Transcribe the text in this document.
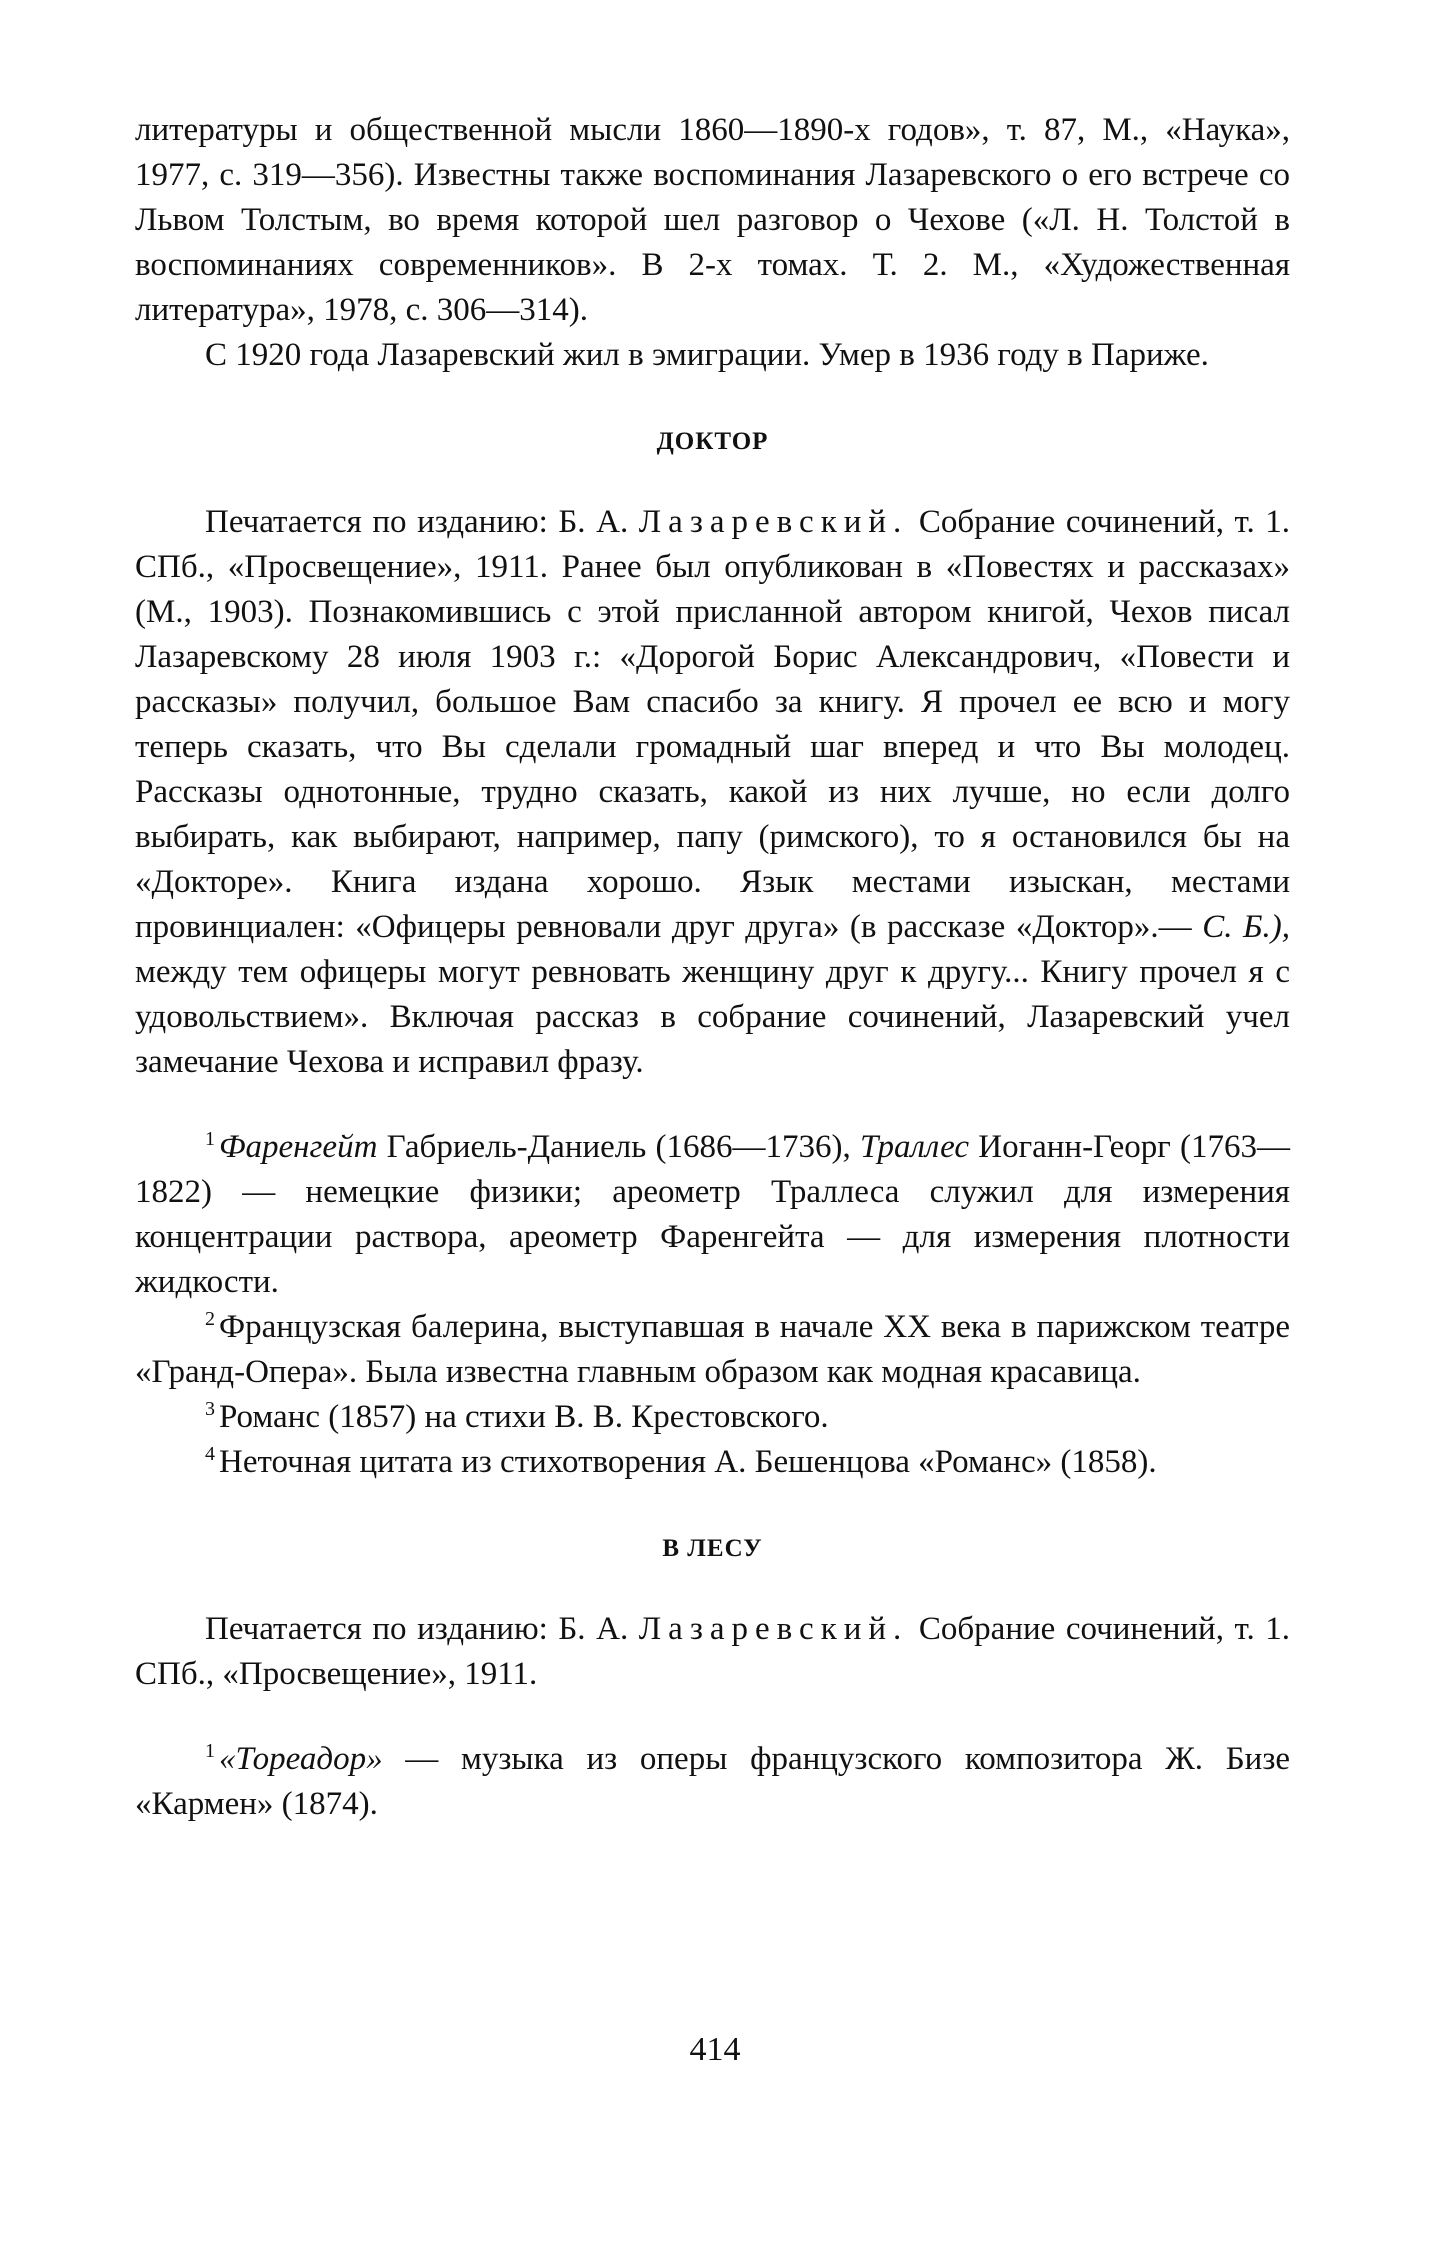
литературы и общественной мысли 1860—1890-х годов», т. 87, М., «Наука», 1977, с. 319—356). Известны также воспоминания Лазаревского о его встрече со Львом Толстым, во время которой шел разговор о Чехове («Л. Н. Толстой в воспоминаниях современников». В 2-х томах. Т. 2. М., «Художественная литература», 1978, с. 306—314).

С 1920 года Лазаревский жил в эмиграции. Умер в 1936 году в Париже.

ДОКТОР

Печатается по изданию: Б. А. Лазаревский. Собрание сочинений, т. 1. СПб., «Просвещение», 1911. Ранее был опубликован в «Повестях и рассказах» (М., 1903). Познакомившись с этой присланной автором книгой, Чехов писал Лазаревскому 28 июля 1903 г.: «Дорогой Борис Александрович, «Повести и рассказы» получил, большое Вам спасибо за книгу. Я прочел ее всю и могу теперь сказать, что Вы сделали громадный шаг вперед и что Вы молодец. Рассказы однотонные, трудно сказать, какой из них лучше, но если долго выбирать, как выбирают, например, папу (римского), то я остановился бы на «Докторе». Книга издана хорошо. Язык местами изыскан, местами провинциален: «Офицеры ревновали друг друга» (в рассказе «Доктор».— С. Б.), между тем офицеры могут ревновать женщину друг к другу... Книгу прочел я с удовольствием». Включая рассказ в собрание сочинений, Лазаревский учел замечание Чехова и исправил фразу.

$^1$ Фаренгейт Габриель-Даниель (1686—1736), Траллес Иоганн-Георг (1763—1822) — немецкие физики; ареометр Траллеса служил для измерения концентрации раствора, ареометр Фаренгейта — для измерения плотности жидкости.

$^2$ Французская балерина, выступавшая в начале XX века в парижском театре «Гранд-Опера». Была известна главным образом как модная красавица.

$^3$ Романс (1857) на стихи В. В. Крестовского.

$^4$ Неточная цитата из стихотворения А. Бешенцова «Романс» (1858).

В ЛЕСУ

Печатается по изданию: Б. А. Лазаревский. Собрание сочинений, т. 1. СПб., «Просвещение», 1911.

$^1$ «Тореадор» — музыка из оперы французского композитора Ж. Бизе «Кармен» (1874).

414
